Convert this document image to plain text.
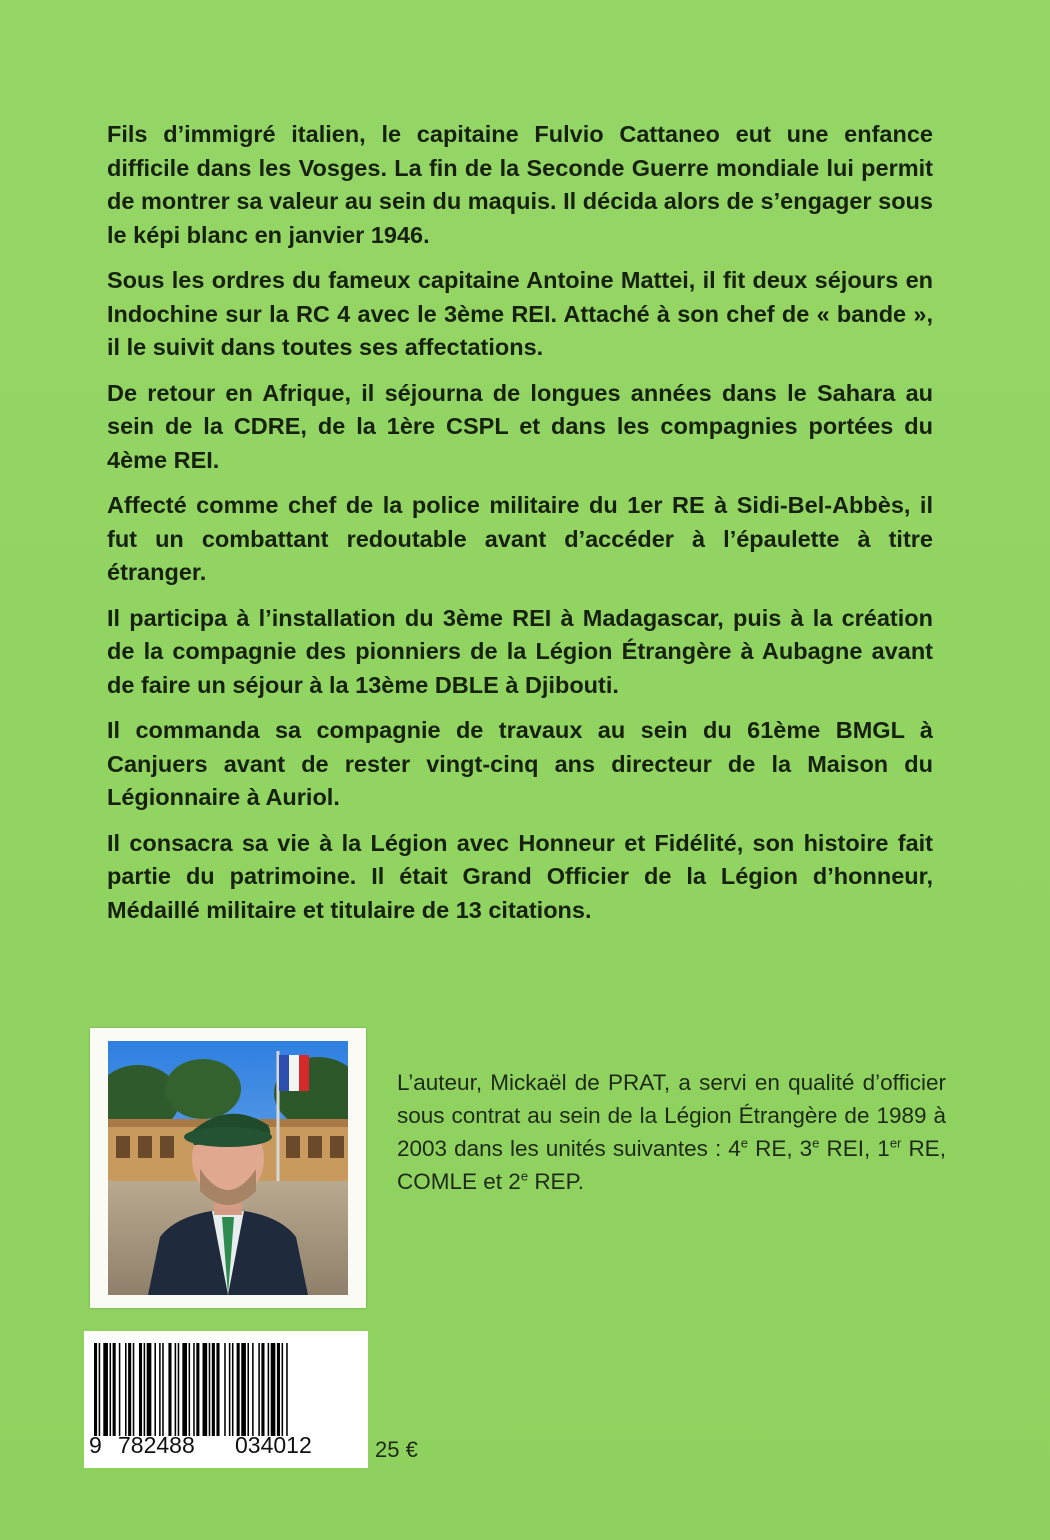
Fils d’immigré italien, le capitaine Fulvio Cattaneo eut une enfance difficile dans les Vosges. La fin de la Seconde Guerre mondiale lui permit de montrer sa valeur au sein du maquis. Il décida alors de s’engager sous le képi blanc en janvier 1946.

Sous les ordres du fameux capitaine Antoine Mattei, il fit deux séjours en Indochine sur la RC 4 avec le 3ème REI. Attaché à son chef de « bande », il le suivit dans toutes ses affectations.

De retour en Afrique, il séjourna de longues années dans le Sahara au sein de la CDRE, de la 1ère CSPL et dans les compagnies portées du 4ème REI.

Affecté comme chef de la police militaire du 1er RE à Sidi-Bel-Abbès, il fut un combattant redoutable avant d’accéder à l’épaulette à titre étranger.

Il participa à l’installation du 3ème REI à Madagascar, puis à la création de la compagnie des pionniers de la Légion Étrangère à Aubagne avant de faire un séjour à la 13ème DBLE à Djibouti.

Il commanda sa compagnie de travaux au sein du 61ème BMGL à Canjuers avant de rester vingt-cinq ans directeur de la Maison du Légionnaire à Auriol.

Il consacra sa vie à la Légion avec Honneur et Fidélité, son histoire fait partie du patrimoine. Il était Grand Officier de la Légion d’honneur, Médaillé militaire et titulaire de 13 citations.

L’auteur, Mickaël de PRAT, a servi en qualité d’officier sous contrat au sein de la Légion Étrangère de 1989 à 2003 dans les unités suivantes : 4e RE, 3e REI, 1er RE, COMLE et 2e REP.

9 782488 034012	25 €
